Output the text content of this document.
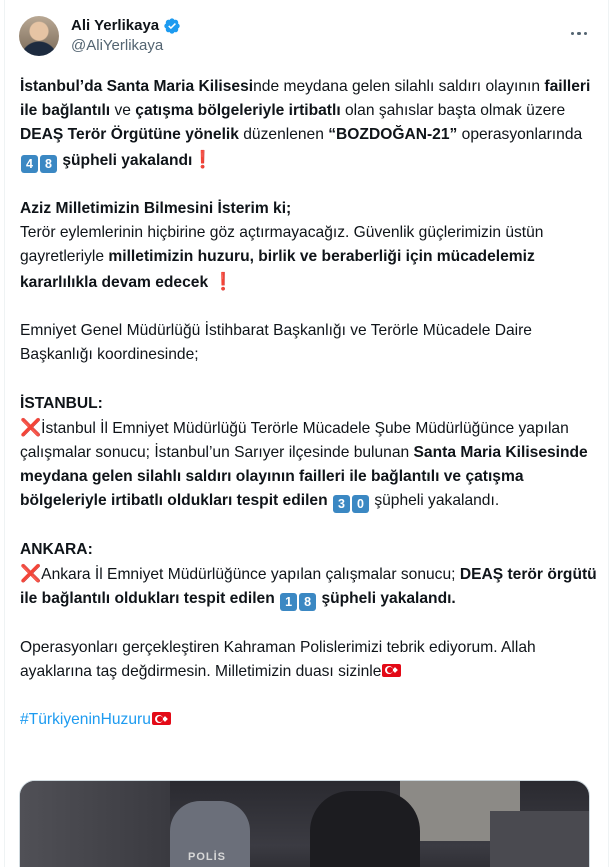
Ali Yerlikaya
@AliYerlikaya
İstanbul’da Santa Maria Kilisesinde meydana gelen silahlı saldırı olayının failleri ile bağlantılı ve çatışma bölgeleriyle irtibatlı olan şahıslar başta olmak üzere DEAŞ Terör Örgütüne yönelik düzenlenen “BOZDOĞAN-21” operasyonlarında 4 8 şüpheli yakalandı❗
Aziz Milletimizin Bilmesini İsterim ki;
Terör eylemlerinin hiçbirine göz açtırmayacağız. Güvenlik güçlerimizin üstün gayretleriyle milletimizin huzuru, birlik ve beraberliği için mücadelemiz kararlılıkla devam edecek ❗
Emniyet Genel Müdürlüğü İstihbarat Başkanlığı ve Terörle Mücadele Daire Başkanlığı koordinesinde;
İSTANBUL:
❌İstanbul İl Emniyet Müdürlüğü Terörle Mücadele Şube Müdürlüğünce yapılan çalışmalar sonucu; İstanbul’un Sarıyer ilçesinde bulunan Santa Maria Kilisesinde meydana gelen silahlı saldırı olayının failleri ile bağlantılı ve çatışma bölgeleriyle irtibatlı oldukları tespit edilen 3 0 şüpheli yakalandı.
ANKARA:
❌Ankara İl Emniyet Müdürlüğünce yapılan çalışmalar sonucu; DEAŞ terör örgütü ile bağlantılı oldukları tespit edilen 1 8 şüpheli yakalandı.
Operasyonları gerçekleştiren Kahraman Polislerimizi tebrik ediyorum. Allah ayaklarına taş değdirmesin. Milletimizin duası sizinle
#TürkiyeninHuzuru
POLİS
